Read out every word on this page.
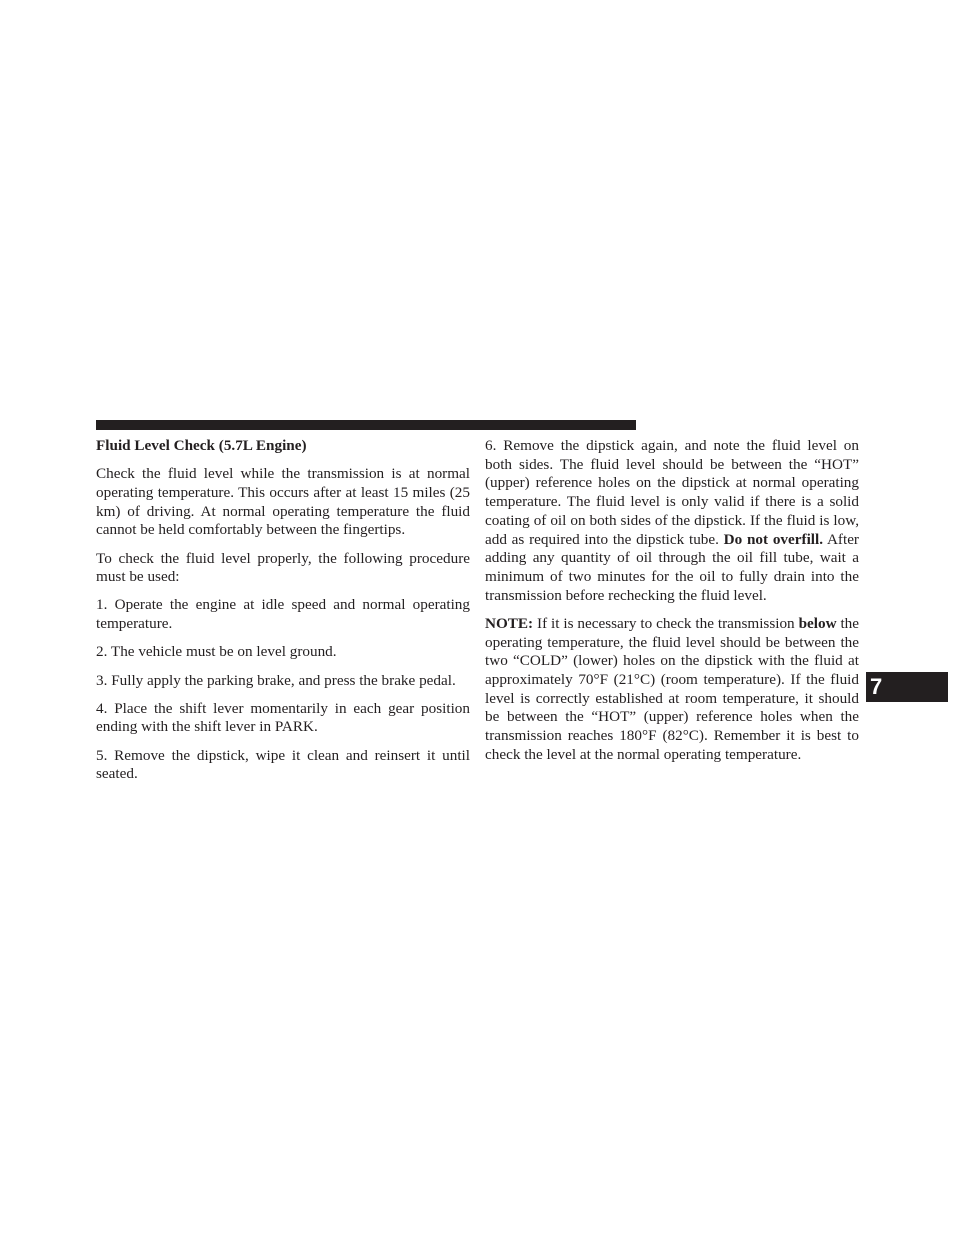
Fluid Level Check (5.7L Engine)

Check the fluid level while the transmission is at normal operating temperature. This occurs after at least 15 miles (25 km) of driving. At normal operating temperature the fluid cannot be held comfortably between the fingertips.

To check the fluid level properly, the following procedure must be used:

1. Operate the engine at idle speed and normal operating temperature.

2. The vehicle must be on level ground.

3. Fully apply the parking brake, and press the brake pedal.

4. Place the shift lever momentarily in each gear position ending with the shift lever in PARK.

5. Remove the dipstick, wipe it clean and reinsert it until seated.

6. Remove the dipstick again, and note the fluid level on both sides. The fluid level should be between the “HOT” (upper) reference holes on the dipstick at normal operating temperature. The fluid level is only valid if there is a solid coating of oil on both sides of the dipstick. If the fluid is low, add as required into the dipstick tube. Do not overfill. After adding any quantity of oil through the oil fill tube, wait a minimum of two minutes for the oil to fully drain into the transmission before rechecking the fluid level.

NOTE: If it is necessary to check the transmission below the operating temperature, the fluid level should be between the two “COLD” (lower) holes on the dipstick with the fluid at approximately 70°F (21°C) (room temperature). If the fluid level is correctly established at room temperature, it should be between the “HOT” (upper) reference holes when the transmission reaches 180°F (82°C). Remember it is best to check the level at the normal operating temperature.

7
